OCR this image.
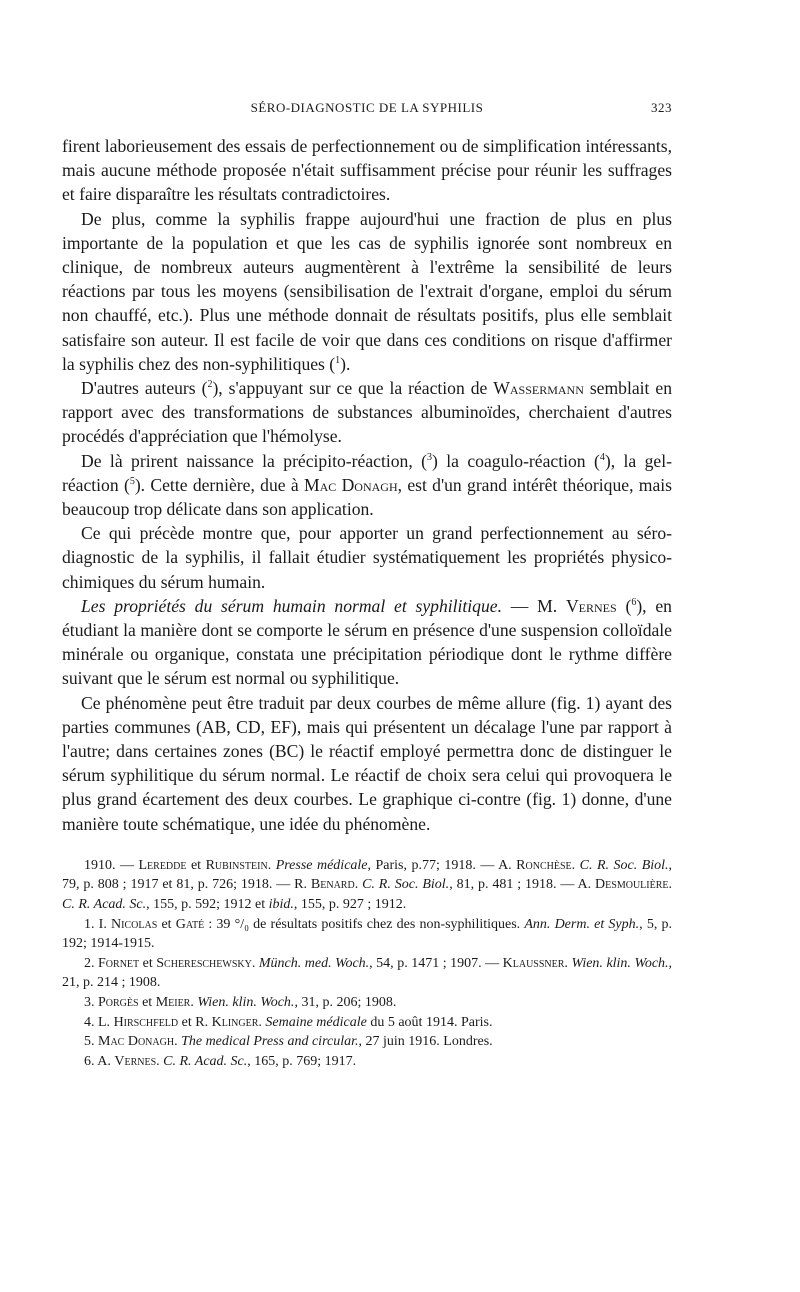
SÉRO-DIAGNOSTIC DE LA SYPHILIS	323

firent laborieusement des essais de perfectionnement ou de simplification intéressants, mais aucune méthode proposée n'était suffisamment précise pour réunir les suffrages et faire disparaître les résultats contradictoires.

De plus, comme la syphilis frappe aujourd'hui une fraction de plus en plus importante de la population et que les cas de syphilis ignorée sont nombreux en clinique, de nombreux auteurs augmentèrent à l'extrême la sensibilité de leurs réactions par tous les moyens (sensibilisation de l'extrait d'organe, emploi du sérum non chauffé, etc.). Plus une méthode donnait de résultats positifs, plus elle semblait satisfaire son auteur. Il est facile de voir que dans ces conditions on risque d'affirmer la syphilis chez des non-syphilitiques ($^1$).

D'autres auteurs ($^2$), s'appuyant sur ce que la réaction de Wassermann semblait en rapport avec des transformations de substances albuminoïdes, cherchaient d'autres procédés d'appréciation que l'hémolyse.

De là prirent naissance la précipito-réaction, ($^3$) la coagulo-réaction ($^4$), la gel-réaction ($^5$). Cette dernière, due à Mac Donagh, est d'un grand intérêt théorique, mais beaucoup trop délicate dans son application.

Ce qui précède montre que, pour apporter un grand perfectionnement au séro-diagnostic de la syphilis, il fallait étudier systématiquement les propriétés physico-chimiques du sérum humain.

Les propriétés du sérum humain normal et syphilitique. — M. Vernes ($^6$), en étudiant la manière dont se comporte le sérum en présence d'une suspension colloïdale minérale ou organique, constata une précipitation périodique dont le rythme diffère suivant que le sérum est normal ou syphilitique.

Ce phénomène peut être traduit par deux courbes de même allure (fig. 1) ayant des parties communes (AB, CD, EF), mais qui présentent un décalage l'une par rapport à l'autre; dans certaines zones (BC) le réactif employé permettra donc de distinguer le sérum syphilitique du sérum normal. Le réactif de choix sera celui qui provoquera le plus grand écartement des deux courbes. Le graphique ci-contre (fig. 1) donne, d'une manière toute schématique, une idée du phénomène.

1910. — Leredde et Rubinstein. Presse médicale, Paris, p.77; 1918. — A. Ronchèse. C. R. Soc. Biol., 79, p. 808 ; 1917 et 81, p. 726; 1918. — R. Benard. C. R. Soc. Biol., 81, p. 481 ; 1918. — A. Desmoulière. C. R. Acad. Sc., 155, p. 592; 1912 et ibid., 155, p. 927 ; 1912.

1. I. Nicolas et Gaté : 39 °/₀ de résultats positifs chez des non-syphilitiques. Ann. Derm. et Syph., 5, p. 192; 1914-1915.

2. Fornet et Schereschewsky. Münch. med. Woch., 54, p. 1471 ; 1907. — Klaussner. Wien. klin. Woch., 21, p. 214 ; 1908.

3. Porgès et Meier. Wien. klin. Woch., 31, p. 206; 1908.

4. L. Hirschfeld et R. Klinger. Semaine médicale du 5 août 1914. Paris.

5. Mac Donagh. The medical Press and circular., 27 juin 1916. Londres.

6. A. Vernes. C. R. Acad. Sc., 165, p. 769; 1917.
